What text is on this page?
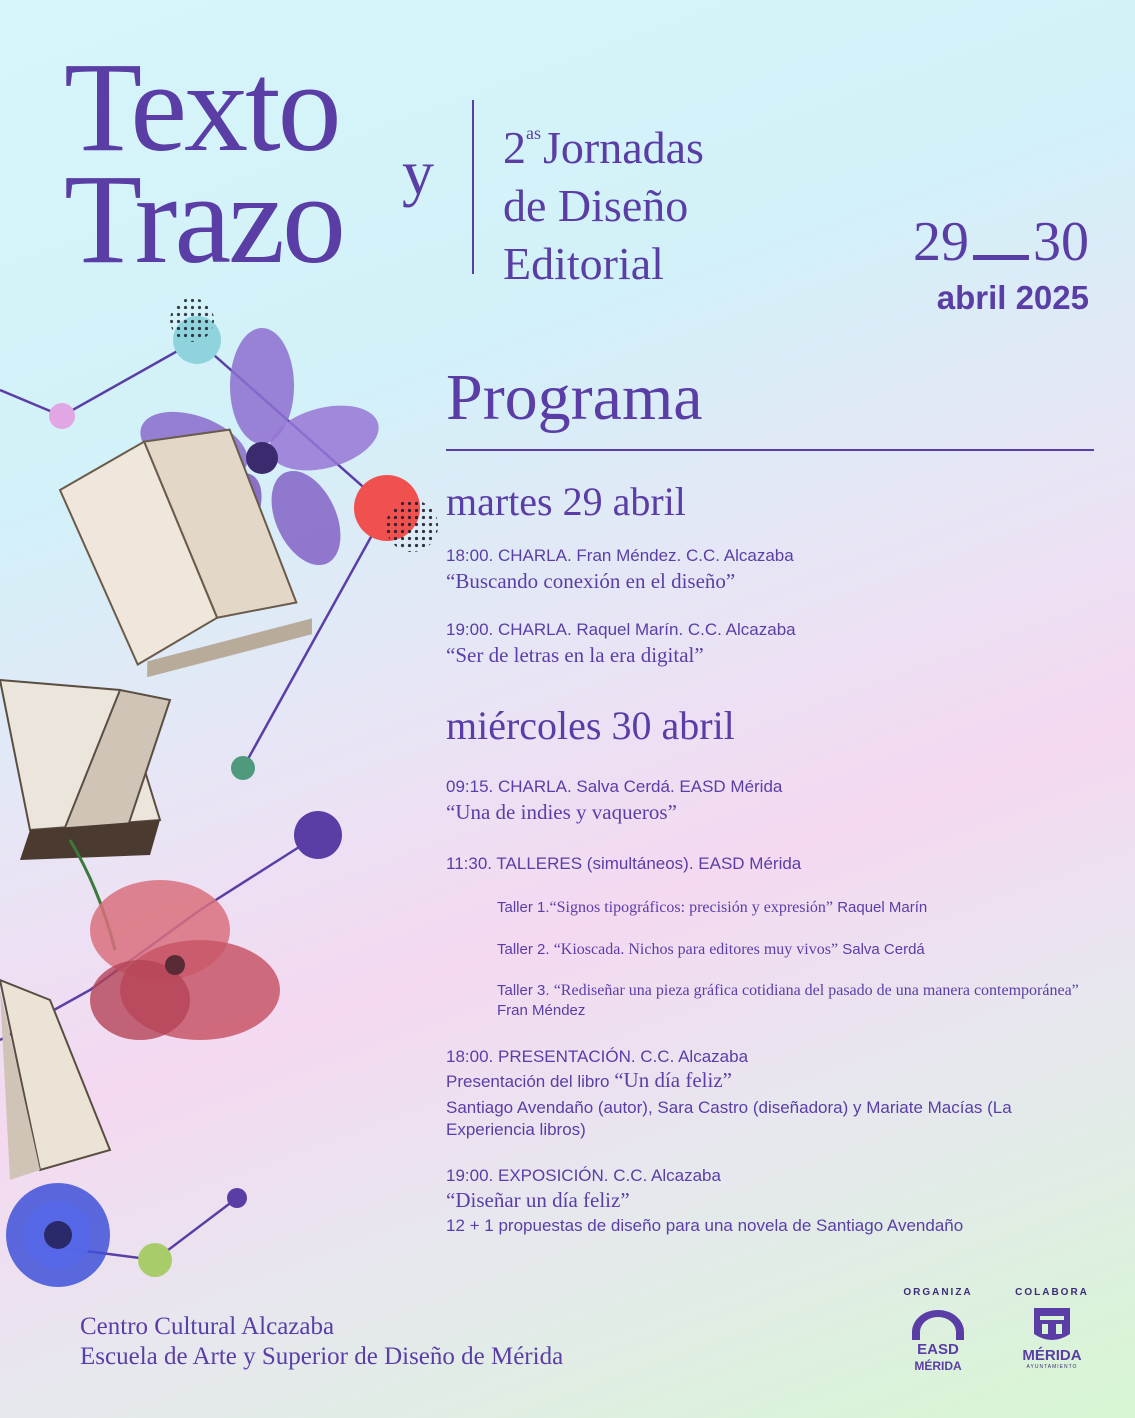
Texto
Trazo y $2^{as}Jornadas$
de Diseño
Editorial	29 30
abril 2025
Programa
martes 29 abril
18:00. CHARLA. Fran Méndez. C.C. Alcazaba
“Buscando conexión en el diseño”
19:00. CHARLA. Raquel Marín. C.C. Alcazaba
“Ser de letras en la era digital”
miércoles 30 abril
09:15. CHARLA. Salva Cerdá. EASD Mérida
“Una de indies y vaqueros”
11:30. TALLERES (simultáneos). EASD Mérida
Taller 1.“Signos tipográficos: precisión y expresión” Raquel Marín
Taller 2. “Kioscada. Nichos para editores muy vivos” Salva Cerdá
Taller 3. “Rediseñar una pieza gráfica cotidiana del pasado de una manera contemporánea” Fran Méndez
18:00. PRESENTACIÓN. C.C. Alcazaba
Presentación del libro “Un día feliz”
Santiago Avendaño (autor), Sara Castro (diseñadora) y Mariate Macías (La Experiencia libros)
19:00. EXPOSICIÓN. C.C. Alcazaba
“Diseñar un día feliz”
12 + 1 propuestas de diseño para una novela de Santiago Avendaño
Centro Cultural Alcazaba
Escuela de Arte y Superior de Diseño de Mérida
ORGANIZA
EASD
MÉRIDA
COLABORA
MÉRIDA
AYUNTAMIENTO
